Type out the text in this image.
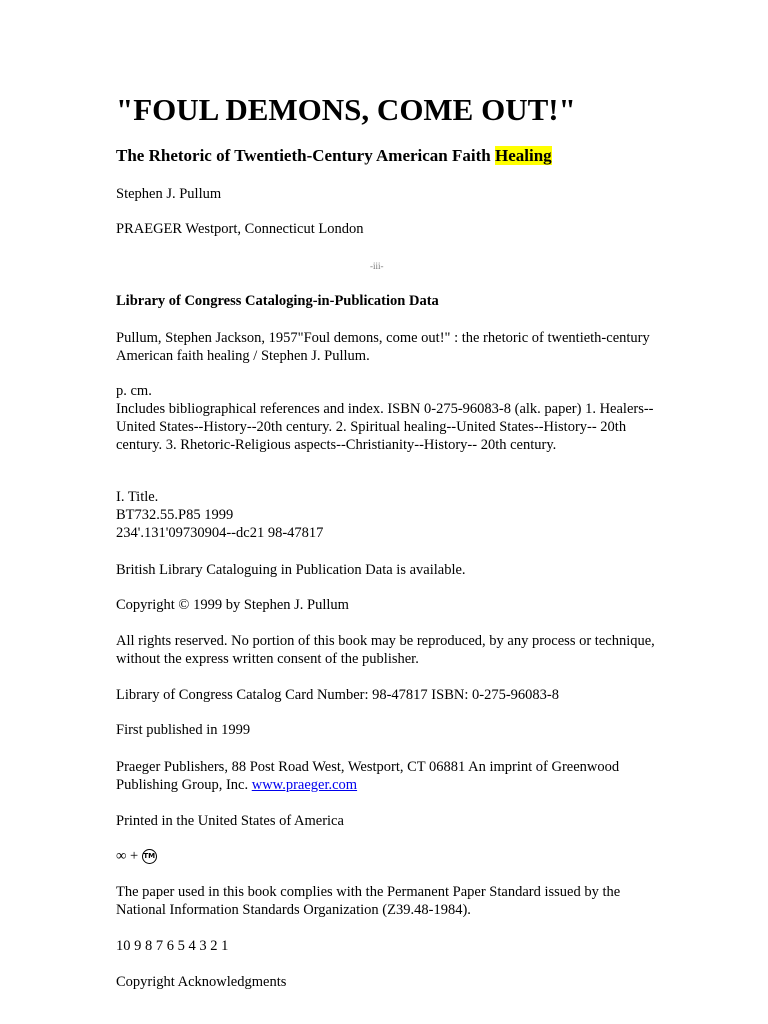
"FOUL DEMONS, COME OUT!"
The Rhetoric of Twentieth-Century American Faith Healing

Stephen J. Pullum

PRAEGER Westport, Connecticut London

-iii-

Library of Congress Cataloging-in-Publication Data

Pullum, Stephen Jackson, 1957"Foul demons, come out!" : the rhetoric of twentieth-century American faith healing / Stephen J. Pullum.

p. cm.

Includes bibliographical references and index. ISBN 0-275-96083-8 (alk. paper) 1. Healers--United States--History--20th century. 2. Spiritual healing--United States--History-- 20th century. 3. Rhetoric-Religious aspects--Christianity--History-- 20th century.

I. Title.

BT732.55.P85 1999

234'.131'09730904--dc21 98-47817

British Library Cataloguing in Publication Data is available.

Copyright © 1999 by Stephen J. Pullum

All rights reserved. No portion of this book may be reproduced, by any process or technique, without the express written consent of the publisher.

Library of Congress Catalog Card Number: 98-47817 ISBN: 0-275-96083-8

First published in 1999

Praeger Publishers, 88 Post Road West, Westport, CT 06881 An imprint of Greenwood Publishing Group, Inc. www.praeger.com

Printed in the United States of America

∞ + TM

The paper used in this book complies with the Permanent Paper Standard issued by the National Information Standards Organization (Z39.48-1984).

10 9 8 7 6 5 4 3 2 1

Copyright Acknowledgments
